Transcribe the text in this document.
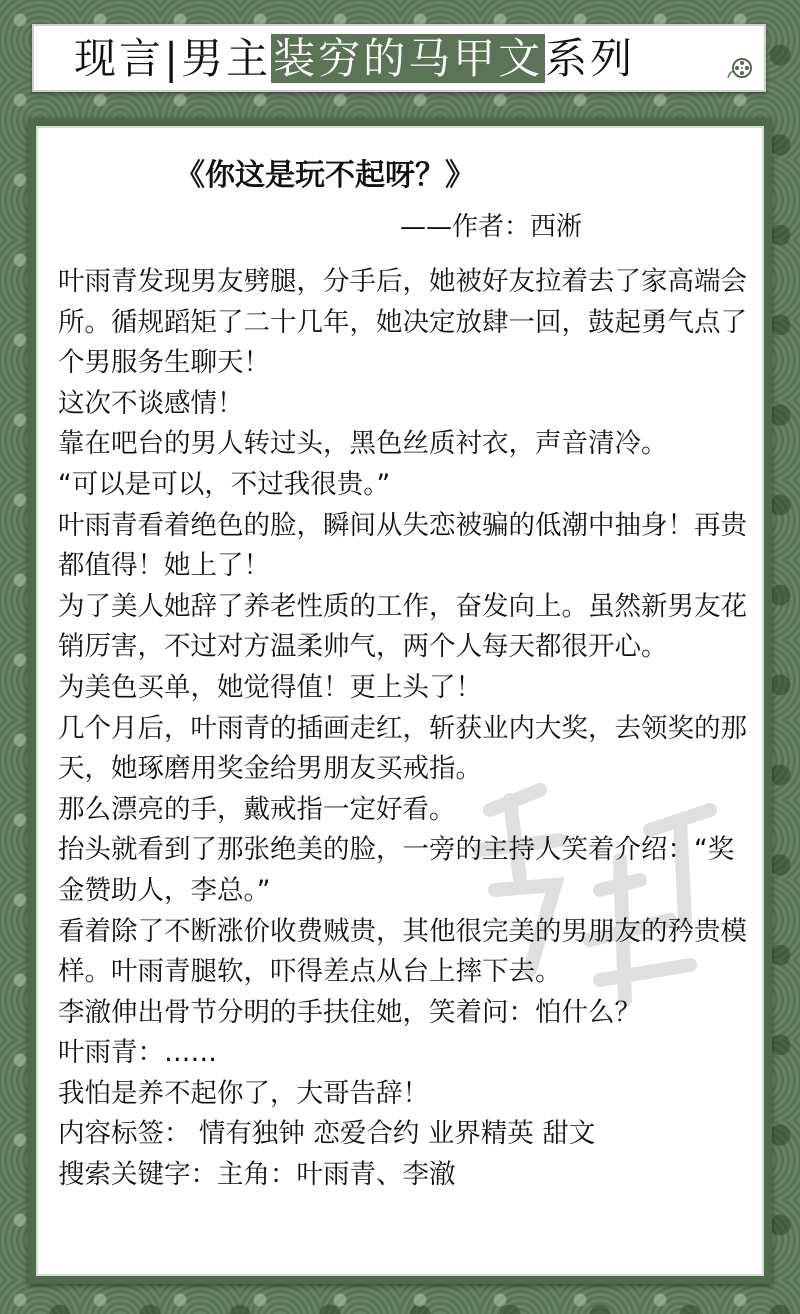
现言|男主装穷的马甲文系列
《你这是玩不起呀？》
——作者：西淅

叶雨青发现男友劈腿，分手后，她被好友拉着去了家高端会所。循规蹈矩了二十几年，她决定放肆一回，鼓起勇气点了个男服务生聊天！

这次不谈感情！

靠在吧台的男人转过头，黑色丝质衬衣，声音清冷。

“可以是可以，不过我很贵。”

叶雨青看着绝色的脸，瞬间从失恋被骗的低潮中抽身！再贵都值得！她上了！

为了美人她辞了养老性质的工作，奋发向上。虽然新男友花销厉害，不过对方温柔帅气，两个人每天都很开心。

为美色买单，她觉得值！更上头了！

几个月后，叶雨青的插画走红，斩获业内大奖，去领奖的那天，她琢磨用奖金给男朋友买戒指。

那么漂亮的手，戴戒指一定好看。

抬头就看到了那张绝美的脸，一旁的主持人笑着介绍：“奖金赞助人，李总。”

看着除了不断涨价收费贼贵，其他很完美的男朋友的矜贵模样。叶雨青腿软，吓得差点从台上摔下去。

李澈伸出骨节分明的手扶住她，笑着问：怕什么？

叶雨青：……

我怕是养不起你了，大哥告辞！

内容标签： 情有独钟 恋爱合约 业界精英 甜文

搜索关键字：主角：叶雨青、李澈
